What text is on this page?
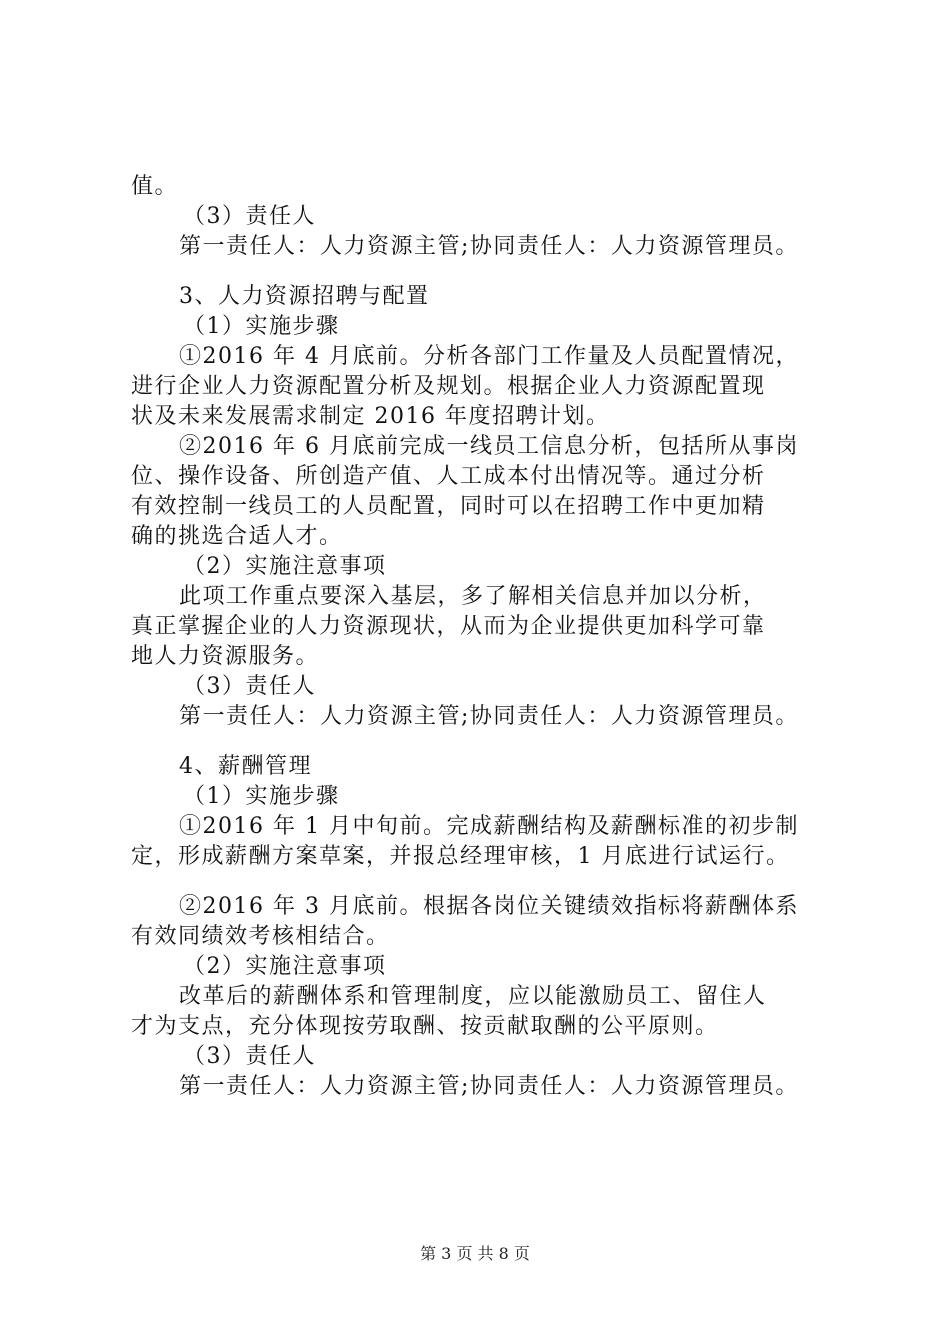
值。
（3）责任人
第一责任人：人力资源主管;协同责任人：人力资源管理员。
3、人力资源招聘与配置
（1）实施步骤
①2016 年 4 月底前。分析各部门工作量及人员配置情况，
进行企业人力资源配置分析及规划。根据企业人力资源配置现
状及未来发展需求制定 2016 年度招聘计划。
②2016 年 6 月底前完成一线员工信息分析，包括所从事岗
位、操作设备、所创造产值、人工成本付出情况等。通过分析
有效控制一线员工的人员配置，同时可以在招聘工作中更加精
确的挑选合适人才。
（2）实施注意事项
此项工作重点要深入基层，多了解相关信息并加以分析，
真正掌握企业的人力资源现状，从而为企业提供更加科学可靠
地人力资源服务。
（3）责任人
第一责任人：人力资源主管;协同责任人：人力资源管理员。
4、薪酬管理
（1）实施步骤
①2016 年 1 月中旬前。完成薪酬结构及薪酬标准的初步制
定，形成薪酬方案草案，并报总经理审核，1 月底进行试运行。
②2016 年 3 月底前。根据各岗位关键绩效指标将薪酬体系
有效同绩效考核相结合。
（2）实施注意事项
改革后的薪酬体系和管理制度，应以能激励员工、留住人
才为支点，充分体现按劳取酬、按贡献取酬的公平原则。
（3）责任人
第一责任人：人力资源主管;协同责任人：人力资源管理员。
第 3 页 共 8 页
